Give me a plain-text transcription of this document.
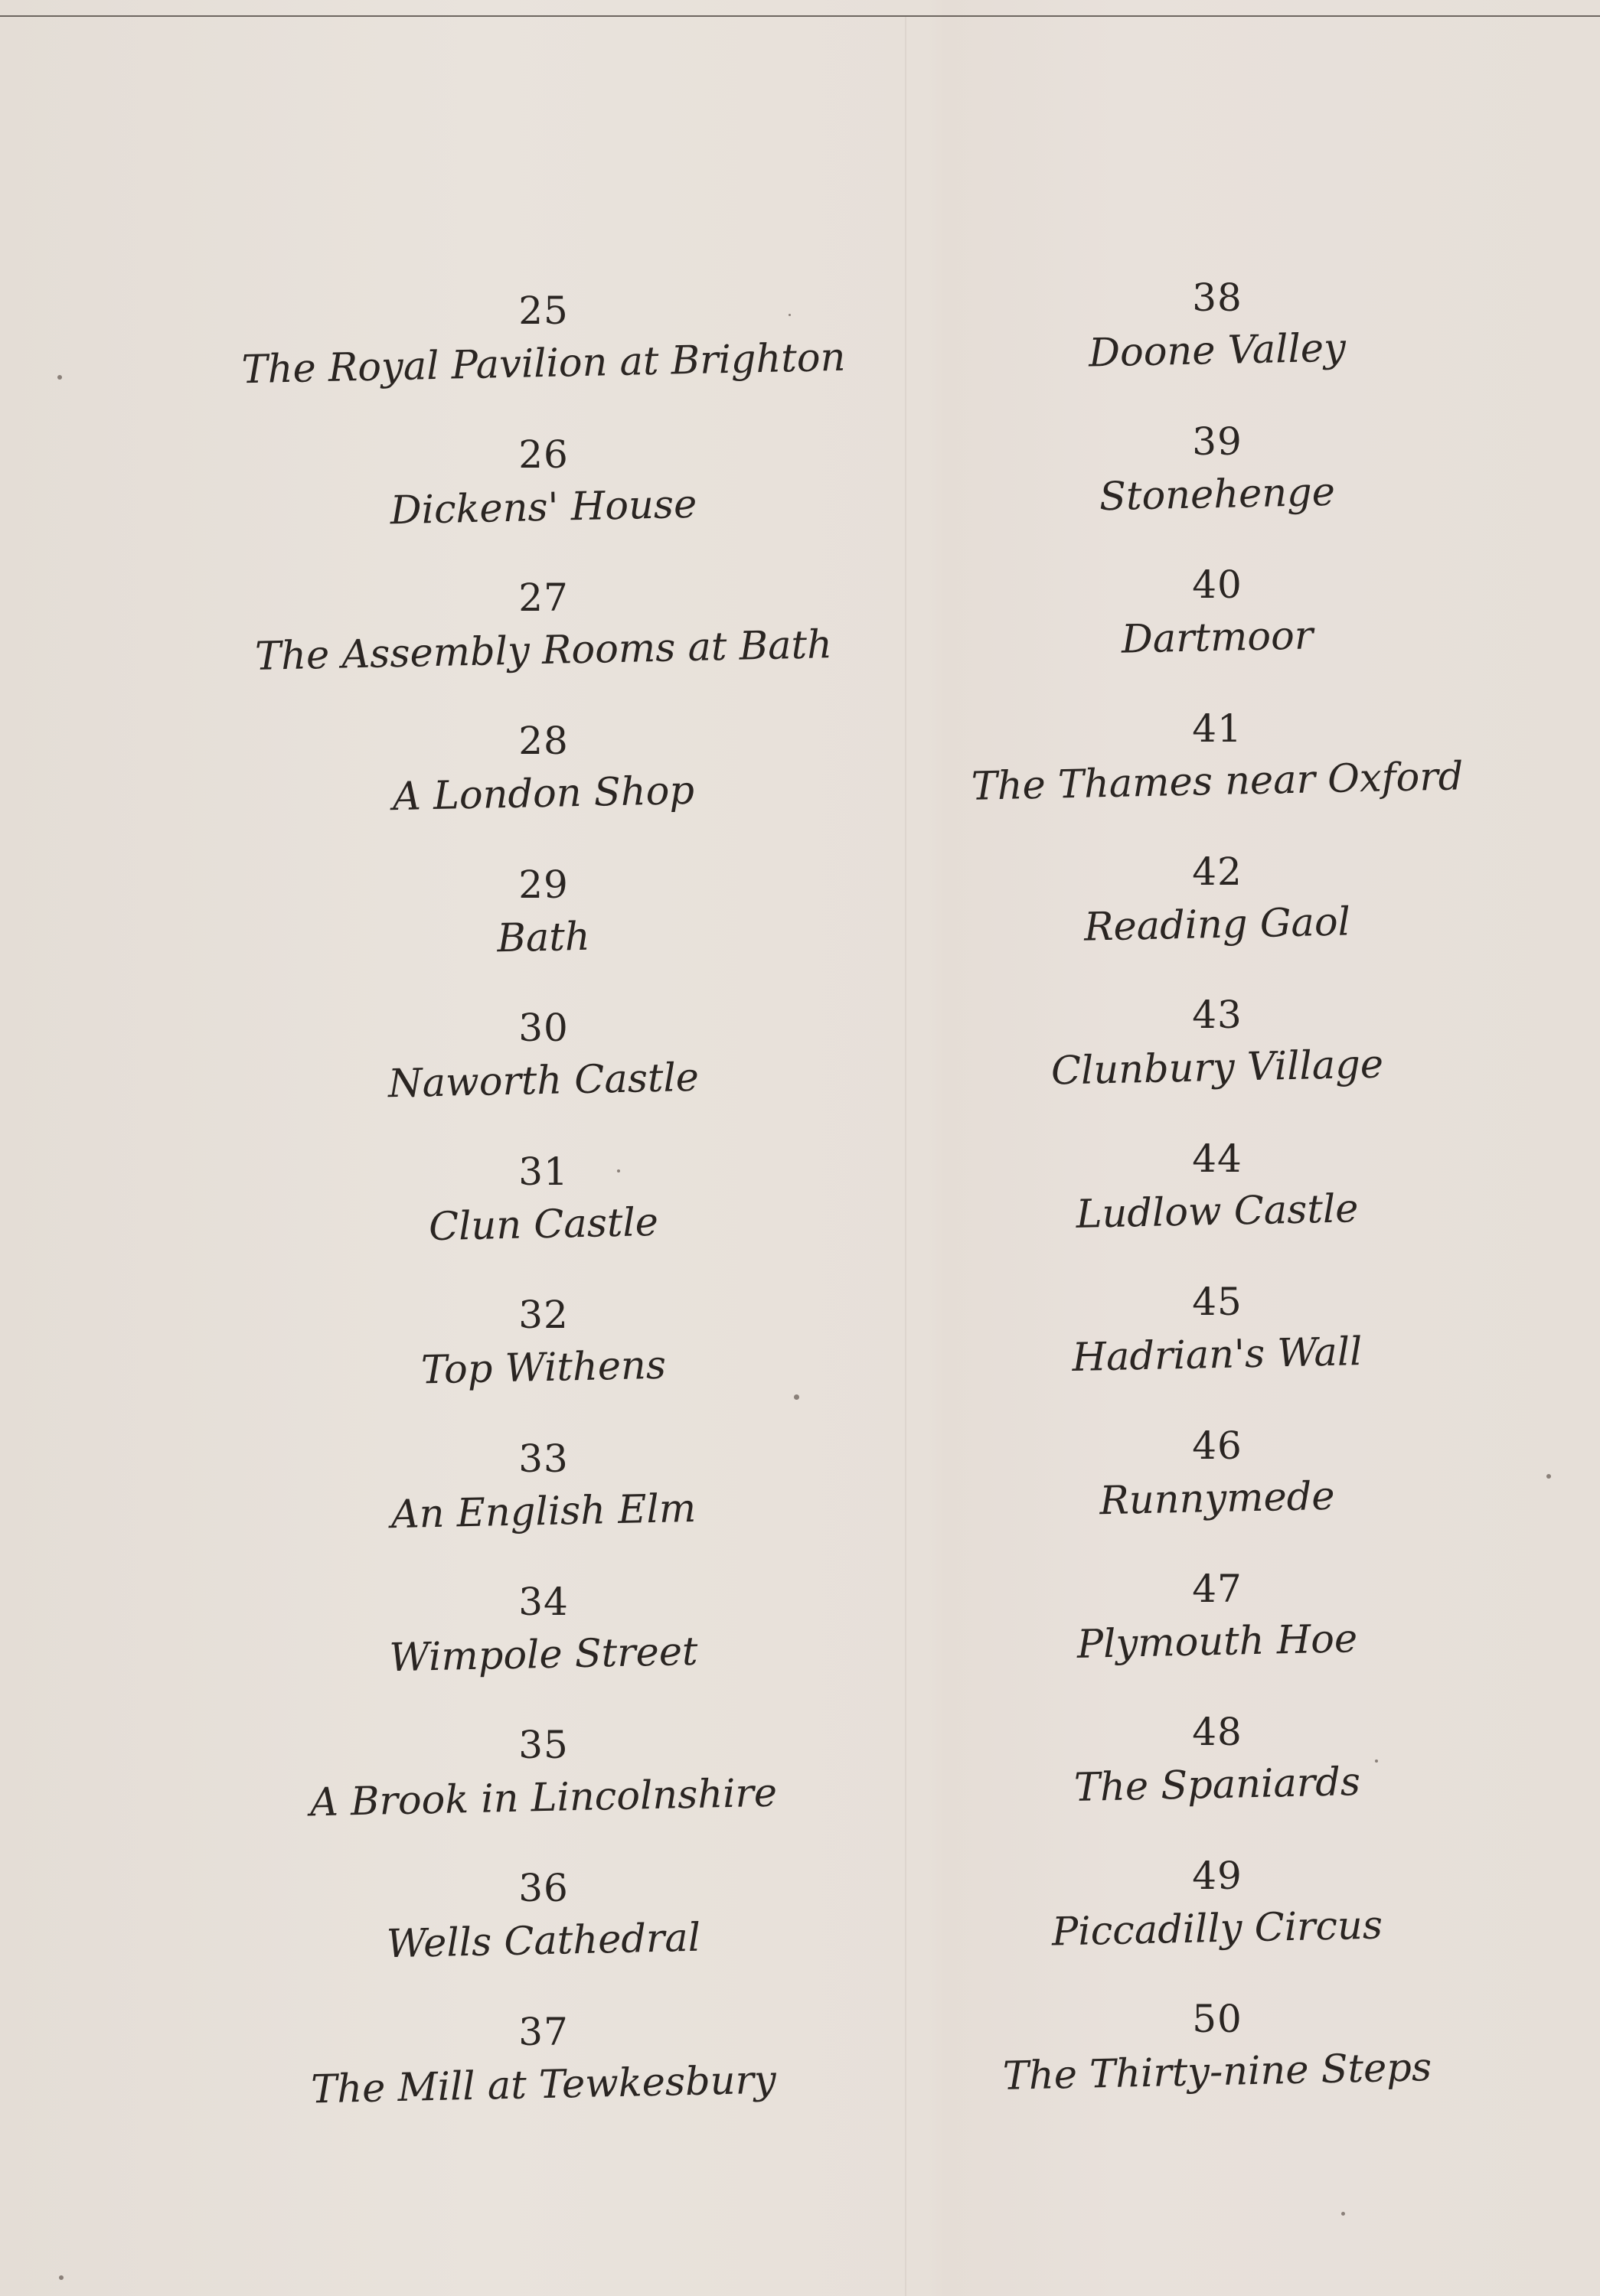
25
The Royal Pavilion at Brighton
26
Dickens' House
27
The Assembly Rooms at Bath
28
A London Shop
29
Bath
30
Naworth Castle
31
Clun Castle
32
Top Withens
33
An English Elm
34
Wimpole Street
35
A Brook in Lincolnshire
36
Wells Cathedral
37
The Mill at Tewkesbury
38
Doone Valley
39
Stonehenge
40
Dartmoor
41
The Thames near Oxford
42
Reading Gaol
43
Clunbury Village
44
Ludlow Castle
45
Hadrian's Wall
46
Runnymede
47
Plymouth Hoe
48
The Spaniards
49
Piccadilly Circus
50
The Thirty-nine Steps
